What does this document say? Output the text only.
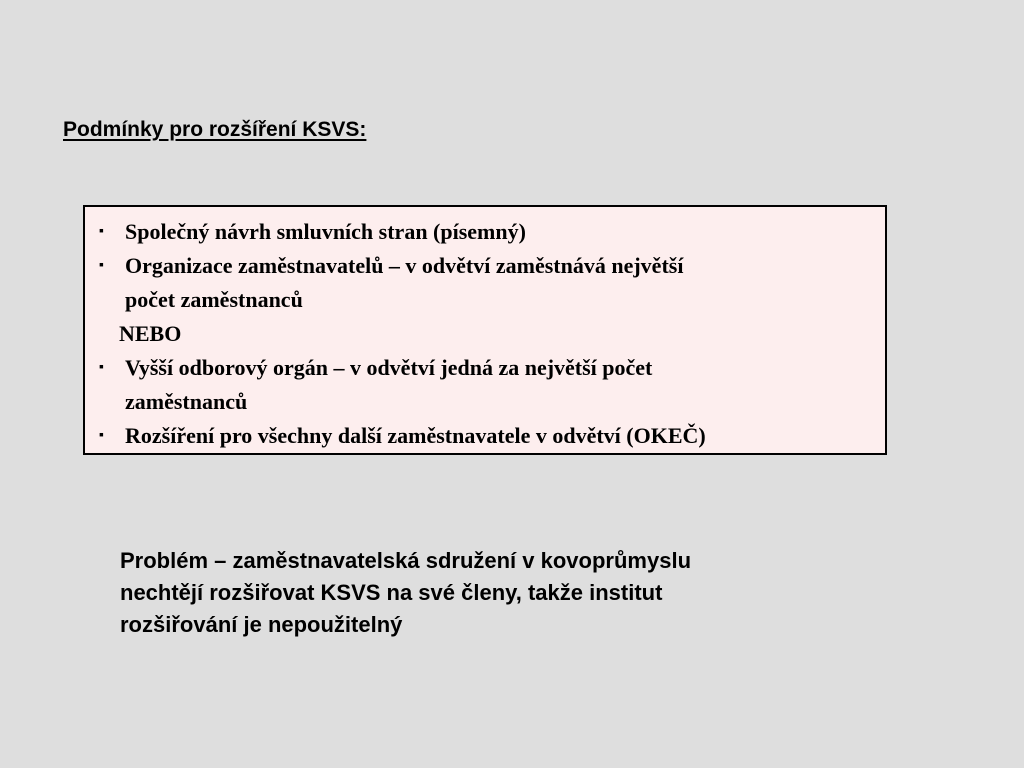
Podmínky pro rozšíření KSVS:
▪ Společný návrh smluvních stran (písemný)
▪ Organizace zaměstnavatelů – v odvětví zaměstnává největší
počet zaměstnanců
NEBO
▪ Vyšší odborový orgán – v odvětví jedná za největší počet
zaměstnanců
▪ Rozšíření pro všechny další zaměstnavatele v odvětví (OKEČ)
Problém – zaměstnavatelská sdružení v kovoprůmyslu
nechtějí rozšiřovat KSVS na své členy, takže institut
rozšiřování je nepoužitelný
